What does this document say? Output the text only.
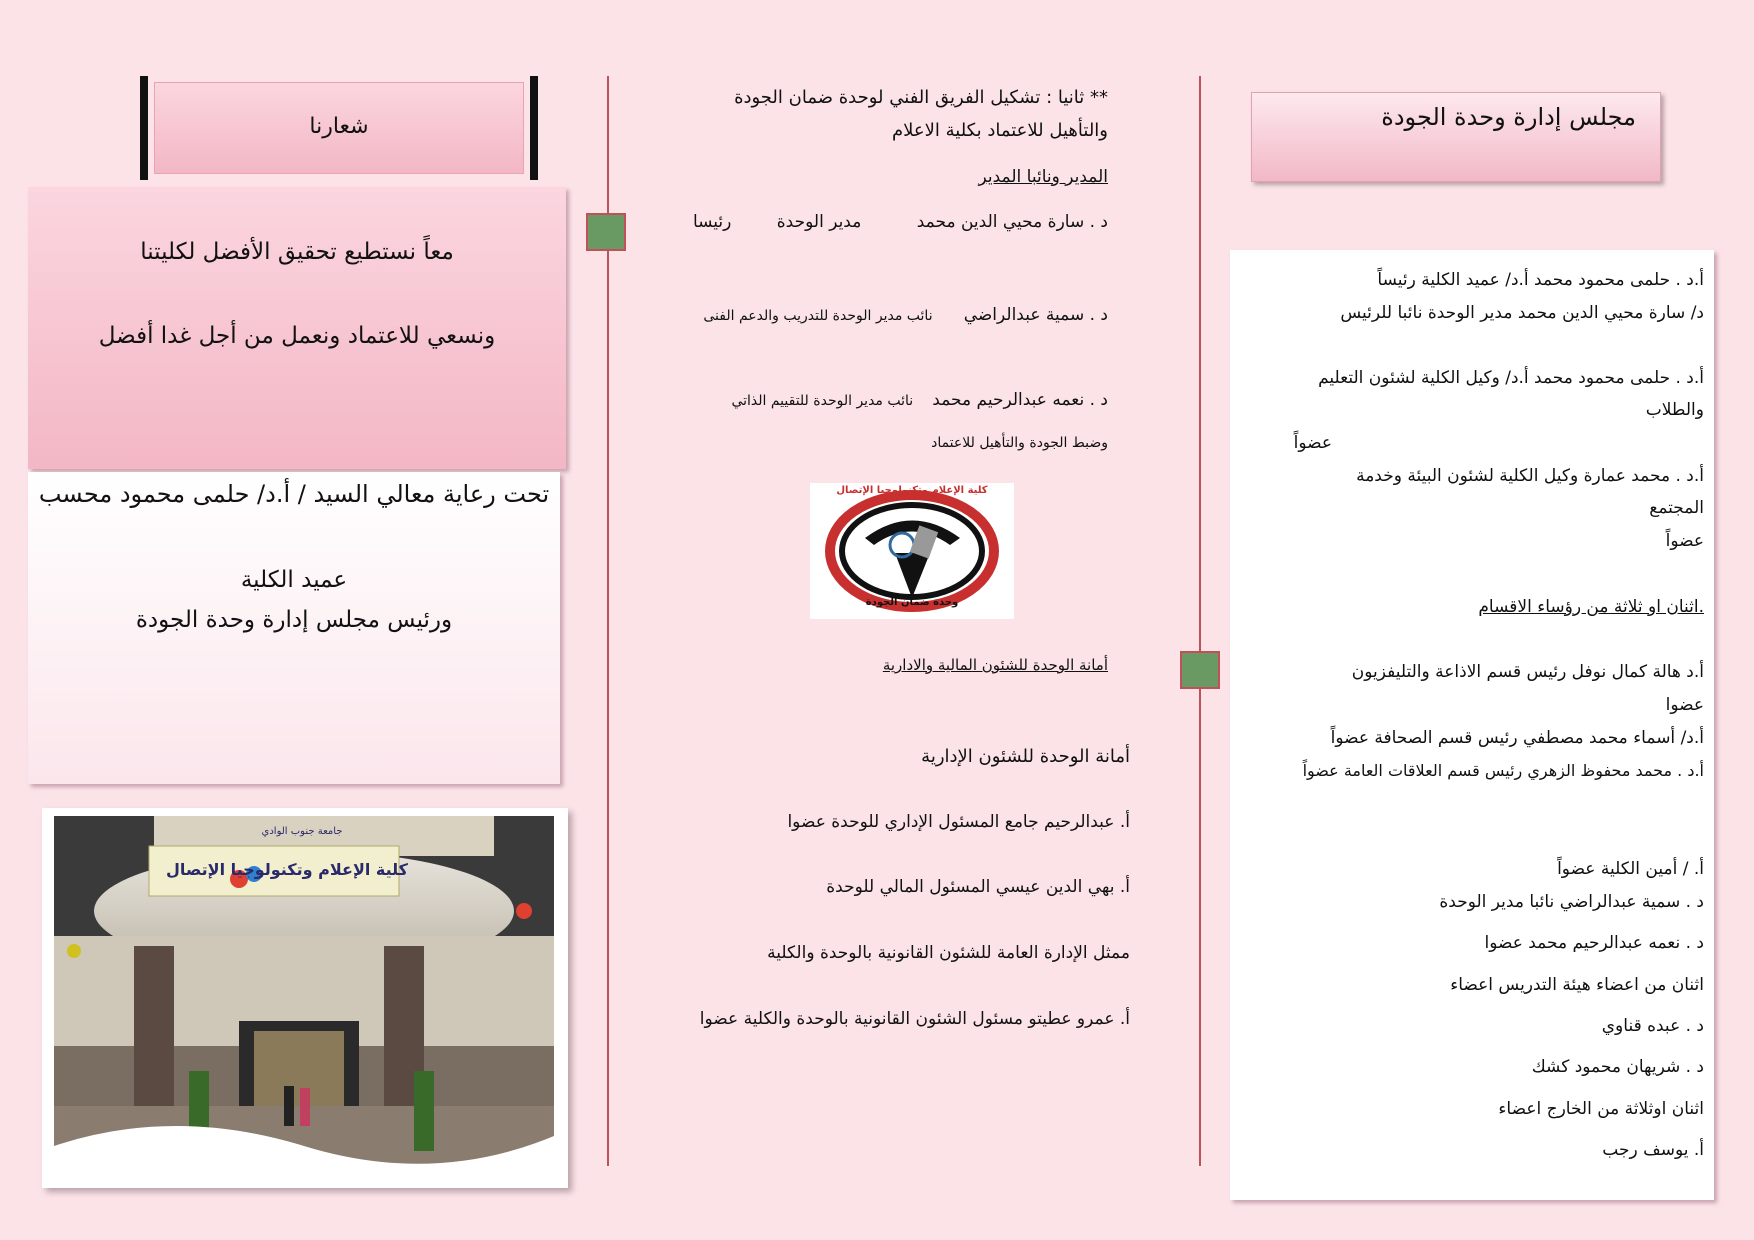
شعارنا
معاً نستطيع تحقيق الأفضل لكليتنا
ونسعي للاعتماد ونعمل من أجل غدا أفضل
تحت رعاية معالي السيد / أ.د/ حلمى محمود محسب
عميد الكلية
ورئيس مجلس إدارة وحدة الجودة
كلية الإعلام وتكنولوجيا الإتصال
جامعة جنوب الوادي
** ثانيا : تشكيل الفريق الفني لوحدة ضمان الجودة
والتأهيل للاعتماد بكلية الاعلام
المدير ونائبا المدير
د . سارة محيي الدين محمد مدير الوحدة رئيسا
د . سمية عبدالراضي نائب مدير الوحدة للتدريب والدعم الفنى
د . نعمه عبدالرحيم محمد نائب مدير الوحدة للتقييم الذاتي
وضبط الجودة والتأهيل للاعتماد
كلية الإعلام وتكنولوجيا الإتصال
وحدة ضمان الجودة
أمانة الوحدة للشئون المالية والادارية
أمانة الوحدة للشئون الإدارية
أ. عبدالرحيم جامع المسئول الإداري للوحدة عضوا
أ. بهي الدين عيسي المسئول المالي للوحدة
ممثل الإدارة العامة للشئون القانونية بالوحدة والكلية
أ. عمرو عطيتو مسئول الشئون القانونية بالوحدة والكلية عضوا
مجلس إدارة وحدة الجودة
أ.د . حلمى محمود محمد أ.د/ عميد الكلية رئيساً
د/ سارة محيي الدين محمد مدير الوحدة نائبا للرئيس
أ.د . حلمى محمود محمد أ.د/ وكيل الكلية لشئون التعليم
والطلاب
عضواً
أ.د . محمد عمارة وكيل الكلية لشئون البيئة وخدمة
المجتمع
عضواً
.اثنان او ثلاثة من رؤساء الاقسام
أ.د هالة كمال نوفل رئيس قسم الاذاعة والتليفزيون
عضوا
أ.د/ أسماء محمد مصطفي رئيس قسم الصحافة عضواً
أ.د . محمد محفوظ الزهري رئيس قسم العلاقات العامة عضواً
أ. / أمين الكلية عضواً
د . سمية عبدالراضي نائبا مدير الوحدة
د . نعمه عبدالرحيم محمد عضوا
اثنان من اعضاء هيئة التدريس اعضاء
د . عبده قناوي
د . شريهان محمود كشك
اثنان اوثلاثة من الخارج اعضاء
أ. يوسف رجب
